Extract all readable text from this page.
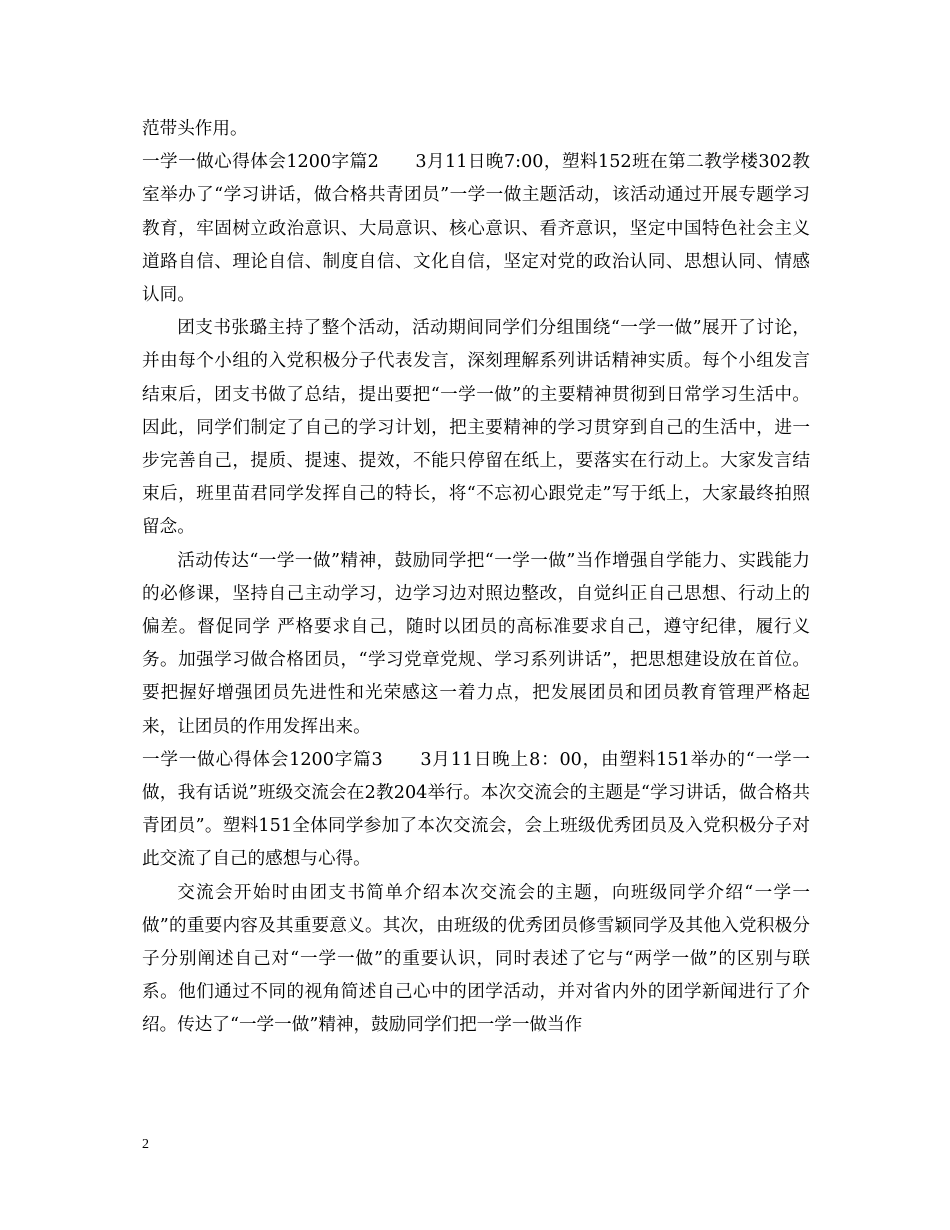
范带头作用。

一学一做心得体会1200字篇2　　3月11日晚7:00，塑料152班在第二教学楼302教室举办了“学习讲话，做合格共青团员”一学一做主题活动，该活动通过开展专题学习教育，牢固树立政治意识、大局意识、核心意识、看齐意识，坚定中国特色社会主义道路自信、理论自信、制度自信、文化自信，坚定对党的政治认同、思想认同、情感认同。

团支书张璐主持了整个活动，活动期间同学们分组围绕“一学一做”展开了讨论，并由每个小组的入党积极分子代表发言，深刻理解系列讲话精神实质。每个小组发言结束后，团支书做了总结，提出要把“一学一做”的主要精神贯彻到日常学习生活中。因此，同学们制定了自己的学习计划，把主要精神的学习贯穿到自己的生活中，进一步完善自己，提质、提速、提效，不能只停留在纸上，要落实在行动上。大家发言结束后，班里苗君同学发挥自己的特长，将“不忘初心跟党走”写于纸上，大家最终拍照留念。

活动传达“一学一做”精神，鼓励同学把“一学一做”当作增强自学能力、实践能力的必修课，坚持自己主动学习，边学习边对照边整改，自觉纠正自己思想、行动上的偏差。督促同学 严格要求自己，随时以团员的高标准要求自己，遵守纪律，履行义务。加强学习做合格团员，“学习党章党规、学习系列讲话”，把思想建设放在首位。要把握好增强团员先进性和光荣感这一着力点，把发展团员和团员教育管理严格起来，让团员的作用发挥出来。

一学一做心得体会1200字篇3　　3月11日晚上8：00，由塑料151举办的“一学一做，我有话说”班级交流会在2教204举行。本次交流会的主题是“学习讲话，做合格共青团员”。塑料151全体同学参加了本次交流会，会上班级优秀团员及入党积极分子对此交流了自己的感想与心得。

交流会开始时由团支书简单介绍本次交流会的主题，向班级同学介绍“一学一做”的重要内容及其重要意义。其次，由班级的优秀团员修雪颖同学及其他入党积极分子分别阐述自己对“一学一做”的重要认识，同时表述了它与“两学一做”的区别与联系。他们通过不同的视角简述自己心中的团学活动，并对省内外的团学新闻进行了介绍。传达了“一学一做”精神，鼓励同学们把一学一做当作

2
